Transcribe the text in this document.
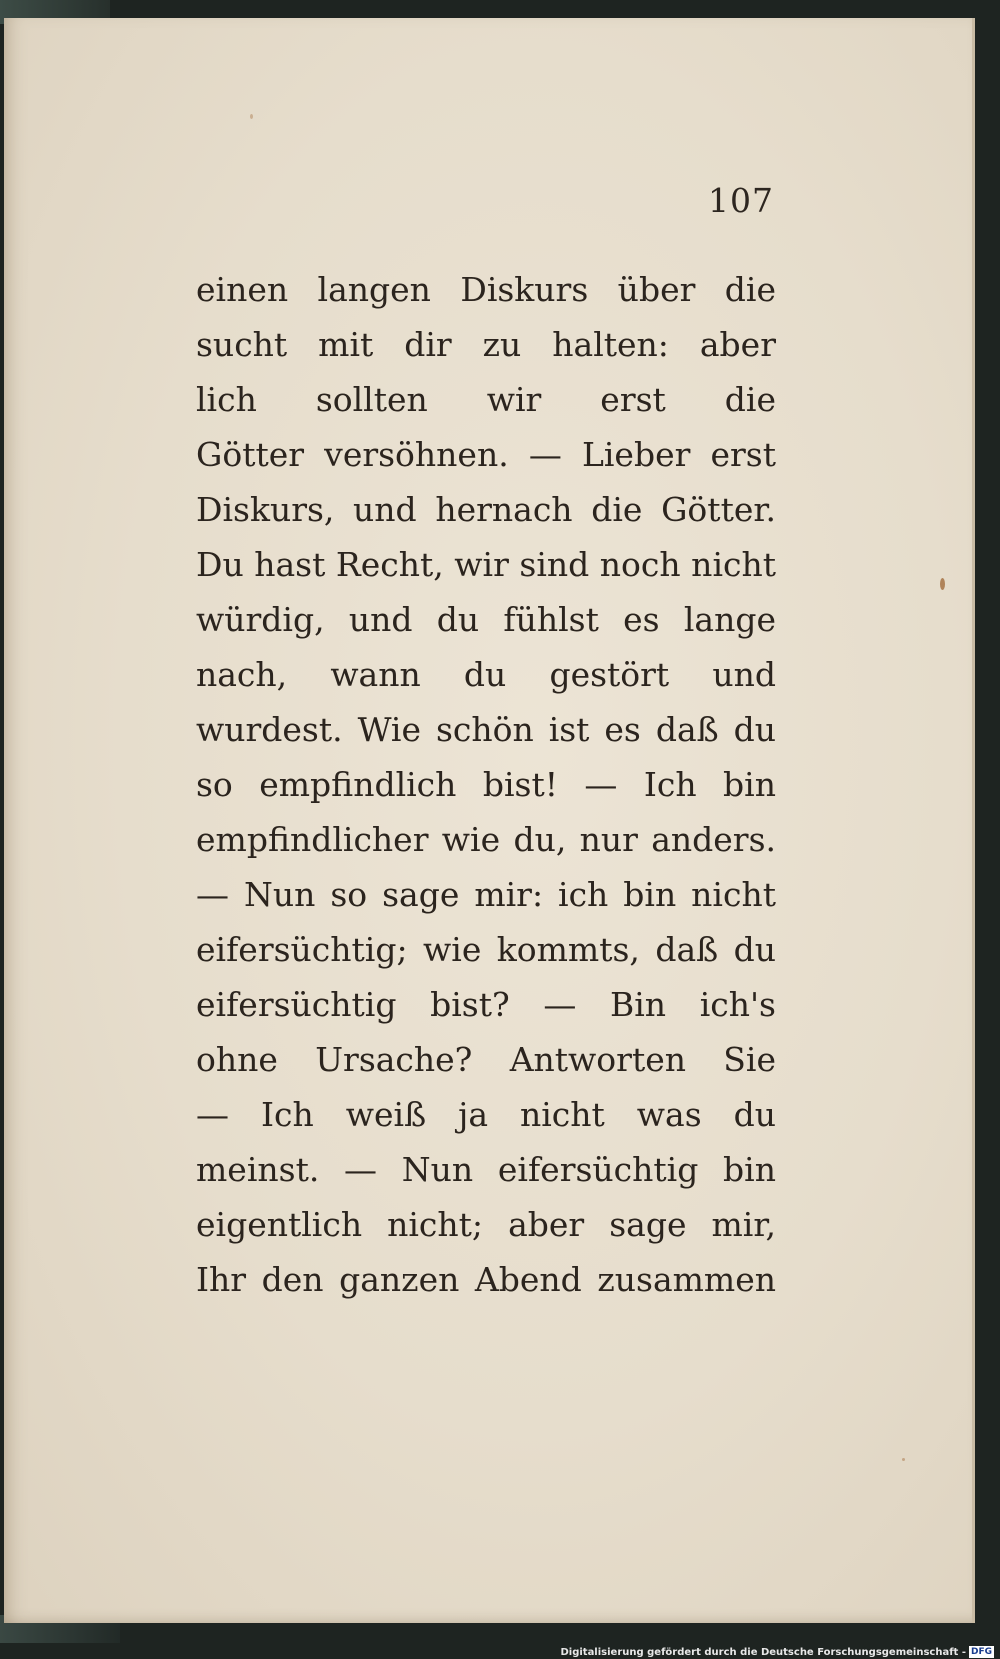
107
einen langen Diskurs über die
sucht mit dir zu halten: aber
lich sollten wir erst die
Götter versöhnen. — Lieber erst
Diskurs, und hernach die Götter.
Du hast Recht, wir sind noch nicht
würdig, und du fühlst es lange
nach, wann du gestört und
wurdest. Wie schön ist es daß du
so empfindlich bist! — Ich bin
empfindlicher wie du, nur anders.
— Nun so sage mir: ich bin nicht
eifersüchtig; wie kommts, daß du
eifersüchtig bist? — Bin ich's
ohne Ursache? Antworten Sie
— Ich weiß ja nicht was du
meinst. — Nun eifersüchtig bin
eigentlich nicht; aber sage mir,
Ihr den ganzen Abend zusammen
Digitalisierung gefördert durch die Deutsche Forschungsgemeinschaft - DFG
